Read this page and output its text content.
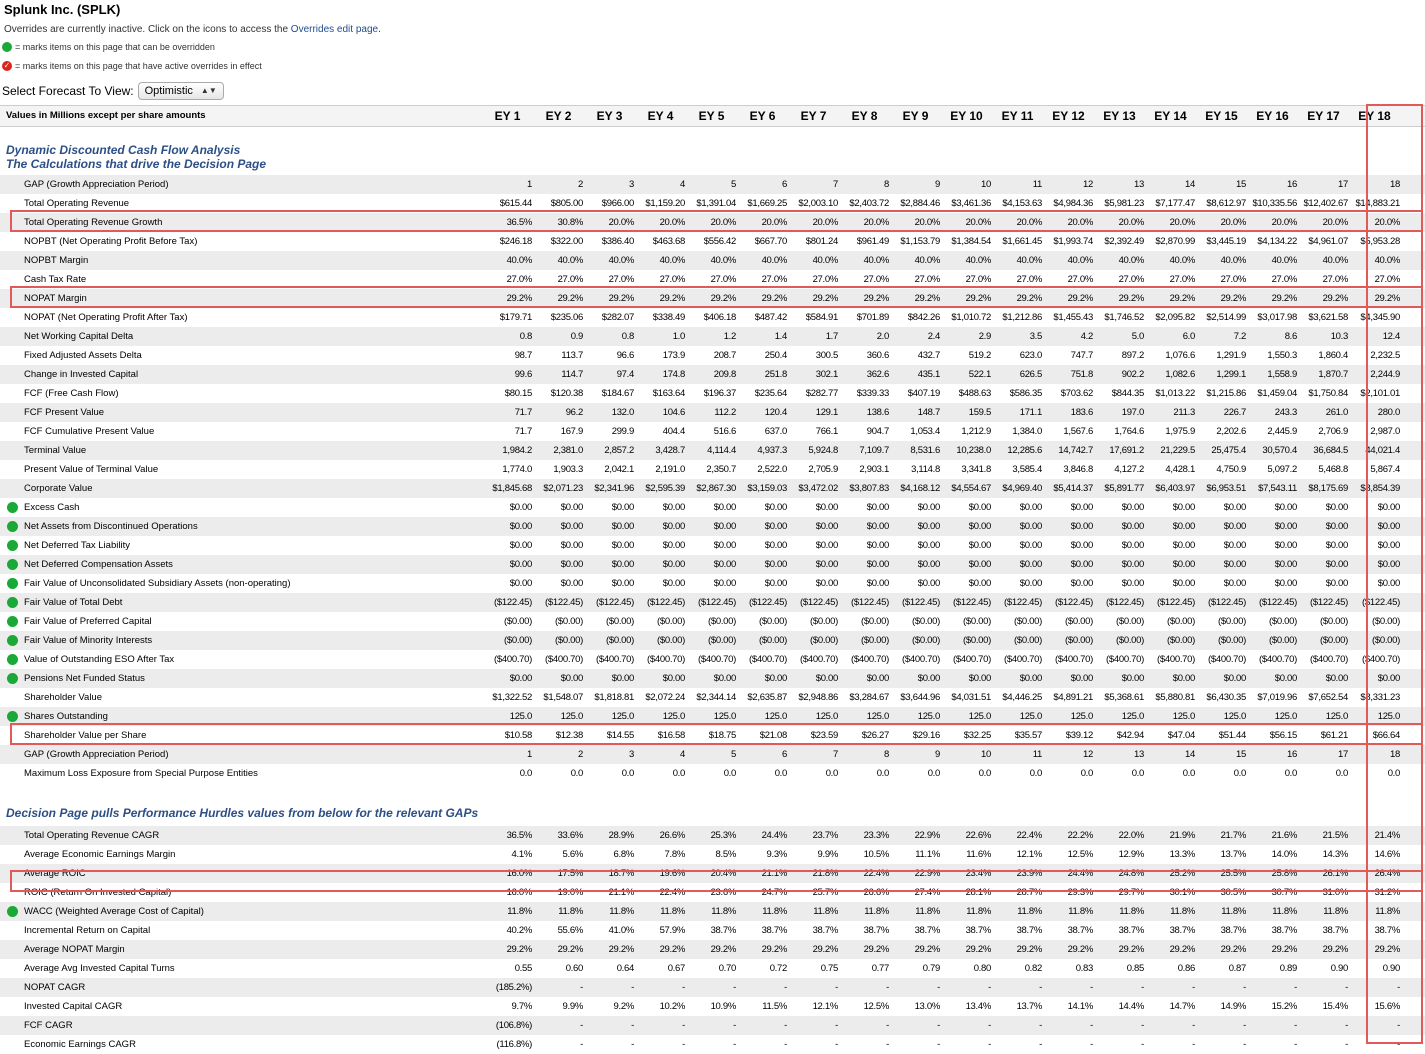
Splunk Inc. (SPLK)
Overrides are currently inactive. Click on the icons to access the Overrides edit page.
= marks items on this page that can be overridden
✓ = marks items on this page that have active overrides in effect
Select Forecast To View: Optimistic ▲▼
Values in Millions except per share amounts	EY 1	EY 2	EY 3	EY 4	EY 5	EY 6	EY 7	EY 8	EY 9	EY 10	EY 11	EY 12	EY 13	EY 14	EY 15	EY 16	EY 17	EY 18
Dynamic Discounted Cash Flow Analysis
The Calculations that drive the Decision Page
GAP (Growth Appreciation Period)	1	2	3	4	5	6	7	8	9	10	11	12	13	14	15	16	17	18
Total Operating Revenue	$615.44	$805.00	$966.00	$1,159.20	$1,391.04	$1,669.25	$2,003.10	$2,403.72	$2,884.46	$3,461.36	$4,153.63	$4,984.36	$5,981.23	$7,177.47	$8,612.97 $10,335.56 $12,402.67 $14,883.21
Total Operating Revenue Growth	36.5%	30.8%	20.0%	20.0%	20.0%	20.0%	20.0%	20.0%	20.0%	20.0%	20.0%	20.0%	20.0%	20.0%	20.0%	20.0%	20.0%	20.0%
NOPBT (Net Operating Profit Before Tax)	$246.18	$322.00	$386.40	$463.68	$556.42	$667.70	$801.24	$961.49	$1,153.79	$1,384.54	$1,661.45	$1,993.74	$2,392.49	$2,870.99	$3,445.19	$4,134.22	$4,961.07	$5,953.28
NOPBT Margin	40.0%	40.0%	40.0%	40.0%	40.0%	40.0%	40.0%	40.0%	40.0%	40.0%	40.0%	40.0%	40.0%	40.0%	40.0%	40.0%	40.0%	40.0%
Cash Tax Rate	27.0%	27.0%	27.0%	27.0%	27.0%	27.0%	27.0%	27.0%	27.0%	27.0%	27.0%	27.0%	27.0%	27.0%	27.0%	27.0%	27.0%	27.0%
NOPAT Margin	29.2%	29.2%	29.2%	29.2%	29.2%	29.2%	29.2%	29.2%	29.2%	29.2%	29.2%	29.2%	29.2%	29.2%	29.2%	29.2%	29.2%	29.2%
NOPAT (Net Operating Profit After Tax)	$179.71	$235.06	$282.07	$338.49	$406.18	$487.42	$584.91	$701.89	$842.26	$1,010.72	$1,212.86	$1,455.43	$1,746.52	$2,095.82	$2,514.99	$3,017.98	$3,621.58	$4,345.90
Net Working Capital Delta	0.8	0.9	0.8	1.0	1.2	1.4	1.7	2.0	2.4	2.9	3.5	4.2	5.0	6.0	7.2	8.6	10.3	12.4
Fixed Adjusted Assets Delta	98.7	113.7	96.6	173.9	208.7	250.4	300.5	360.6	432.7	519.2	623.0	747.7	897.2	1,076.6	1,291.9	1,550.3	1,860.4	2,232.5
Change in Invested Capital	99.6	114.7	97.4	174.8	209.8	251.8	302.1	362.6	435.1	522.1	626.5	751.8	902.2	1,082.6	1,299.1	1,558.9	1,870.7	2,244.9
FCF (Free Cash Flow)	$80.15	$120.38	$184.67	$163.64	$196.37	$235.64	$282.77	$339.33	$407.19	$488.63	$586.35	$703.62	$844.35	$1,013.22	$1,215.86	$1,459.04	$1,750.84	$2,101.01
FCF Present Value	71.7	96.2	132.0	104.6	112.2	120.4	129.1	138.6	148.7	159.5	171.1	183.6	197.0	211.3	226.7	243.3	261.0	280.0
FCF Cumulative Present Value	71.7	167.9	299.9	404.4	516.6	637.0	766.1	904.7	1,053.4	1,212.9	1,384.0	1,567.6	1,764.6	1,975.9	2,202.6	2,445.9	2,706.9	2,987.0
Terminal Value	1,984.2	2,381.0	2,857.2	3,428.7	4,114.4	4,937.3	5,924.8	7,109.7	8,531.6	10,238.0	12,285.6	14,742.7	17,691.2	21,229.5	25,475.4	30,570.4	36,684.5	44,021.4
Present Value of Terminal Value	1,774.0	1,903.3	2,042.1	2,191.0	2,350.7	2,522.0	2,705.9	2,903.1	3,114.8	3,341.8	3,585.4	3,846.8	4,127.2	4,428.1	4,750.9	5,097.2	5,468.8	5,867.4
Corporate Value	$1,845.68	$2,071.23	$2,341.96	$2,595.39	$2,867.30	$3,159.03	$3,472.02	$3,807.83	$4,168.12	$4,554.67	$4,969.40	$5,414.37	$5,891.77	$6,403.97	$6,953.51	$7,543.11	$8,175.69	$8,854.39
Excess Cash	$0.00	$0.00	$0.00	$0.00	$0.00	$0.00	$0.00	$0.00	$0.00	$0.00	$0.00	$0.00	$0.00	$0.00	$0.00	$0.00	$0.00	$0.00
Net Assets from Discontinued Operations	$0.00	$0.00	$0.00	$0.00	$0.00	$0.00	$0.00	$0.00	$0.00	$0.00	$0.00	$0.00	$0.00	$0.00	$0.00	$0.00	$0.00	$0.00
Net Deferred Tax Liability	$0.00	$0.00	$0.00	$0.00	$0.00	$0.00	$0.00	$0.00	$0.00	$0.00	$0.00	$0.00	$0.00	$0.00	$0.00	$0.00	$0.00	$0.00
Net Deferred Compensation Assets	$0.00	$0.00	$0.00	$0.00	$0.00	$0.00	$0.00	$0.00	$0.00	$0.00	$0.00	$0.00	$0.00	$0.00	$0.00	$0.00	$0.00	$0.00
Fair Value of Unconsolidated Subsidiary Assets (non-operating)	$0.00	$0.00	$0.00	$0.00	$0.00	$0.00	$0.00	$0.00	$0.00	$0.00	$0.00	$0.00	$0.00	$0.00	$0.00	$0.00	$0.00	$0.00
Fair Value of Total Debt	($122.45)	($122.45)	($122.45)	($122.45)	($122.45)	($122.45)	($122.45)	($122.45)	($122.45)	($122.45)	($122.45)	($122.45)	($122.45)	($122.45)	($122.45)	($122.45)	($122.45)	($122.45)
Fair Value of Preferred Capital	($0.00)	($0.00)	($0.00)	($0.00)	($0.00)	($0.00)	($0.00)	($0.00)	($0.00)	($0.00)	($0.00)	($0.00)	($0.00)	($0.00)	($0.00)	($0.00)	($0.00)	($0.00)
Fair Value of Minority Interests	($0.00)	($0.00)	($0.00)	($0.00)	($0.00)	($0.00)	($0.00)	($0.00)	($0.00)	($0.00)	($0.00)	($0.00)	($0.00)	($0.00)	($0.00)	($0.00)	($0.00)	($0.00)
Value of Outstanding ESO After Tax	($400.70)	($400.70)	($400.70)	($400.70)	($400.70)	($400.70)	($400.70)	($400.70)	($400.70)	($400.70)	($400.70)	($400.70)	($400.70)	($400.70)	($400.70)	($400.70)	($400.70)	($400.70)
Pensions Net Funded Status	$0.00	$0.00	$0.00	$0.00	$0.00	$0.00	$0.00	$0.00	$0.00	$0.00	$0.00	$0.00	$0.00	$0.00	$0.00	$0.00	$0.00	$0.00
Shareholder Value	$1,322.52	$1,548.07	$1,818.81	$2,072.24	$2,344.14	$2,635.87	$2,948.86	$3,284.67	$3,644.96	$4,031.51	$4,446.25	$4,891.21	$5,368.61	$5,880.81	$6,430.35	$7,019.96	$7,652.54	$8,331.23
Shares Outstanding	125.0	125.0	125.0	125.0	125.0	125.0	125.0	125.0	125.0	125.0	125.0	125.0	125.0	125.0	125.0	125.0	125.0	125.0
Shareholder Value per Share	$10.58	$12.38	$14.55	$16.58	$18.75	$21.08	$23.59	$26.27	$29.16	$32.25	$35.57	$39.12	$42.94	$47.04	$51.44	$56.15	$61.21	$66.64
GAP (Growth Appreciation Period)	1	2	3	4	5	6	7	8	9	10	11	12	13	14	15	16	17	18
Maximum Loss Exposure from Special Purpose Entities	0.0	0.0	0.0	0.0	0.0	0.0	0.0	0.0	0.0	0.0	0.0	0.0	0.0	0.0	0.0	0.0	0.0	0.0
Decision Page pulls Performance Hurdles values from below for the relevant GAPs
Total Operating Revenue CAGR	36.5%	33.6%	28.9%	26.6%	25.3%	24.4%	23.7%	23.3%	22.9%	22.6%	22.4%	22.2%	22.0%	21.9%	21.7%	21.6%	21.5%	21.4%
Average Economic Earnings Margin	4.1%	5.6%	6.8%	7.8%	8.5%	9.3%	9.9%	10.5%	11.1%	11.6%	12.1%	12.5%	12.9%	13.3%	13.7%	14.0%	14.3%	14.6%
Average ROIC	16.0%	17.5%	18.7%	19.6%	20.4%	21.1%	21.8%	22.4%	22.9%	23.4%	23.9%	24.4%	24.8%	25.2%	25.5%	25.8%	26.1%	26.4%
ROIC (Return On Invested Capital)	16.0%	19.0%	21.1%	22.4%	23.6%	24.7%	25.7%	26.6%	27.4%	28.1%	28.7%	29.3%	29.7%	30.1%	30.5%	30.7%	31.0%	31.2%
WACC (Weighted Average Cost of Capital)	11.8%	11.8%	11.8%	11.8%	11.8%	11.8%	11.8%	11.8%	11.8%	11.8%	11.8%	11.8%	11.8%	11.8%	11.8%	11.8%	11.8%	11.8%
Incremental Return on Capital	40.2%	55.6%	41.0%	57.9%	38.7%	38.7%	38.7%	38.7%	38.7%	38.7%	38.7%	38.7%	38.7%	38.7%	38.7%	38.7%	38.7%	38.7%
Average NOPAT Margin	29.2%	29.2%	29.2%	29.2%	29.2%	29.2%	29.2%	29.2%	29.2%	29.2%	29.2%	29.2%	29.2%	29.2%	29.2%	29.2%	29.2%	29.2%
Average Avg Invested Capital Turns	0.55	0.60	0.64	0.67	0.70	0.72	0.75	0.77	0.79	0.80	0.82	0.83	0.85	0.86	0.87	0.89	0.90	0.90
NOPAT CAGR	(185.2%)	-	-	-	-	-	-	-	-	-	-	-	-	-	-	-	-	-
Invested Capital CAGR	9.7%	9.9%	9.2%	10.2%	10.9%	11.5%	12.1%	12.5%	13.0%	13.4%	13.7%	14.1%	14.4%	14.7%	14.9%	15.2%	15.4%	15.6%
FCF CAGR	(106.8%)	-	-	-	-	-	-	-	-	-	-	-	-	-	-	-	-	-
Economic Earnings CAGR	(116.8%)	-	-	-	-	-	-	-	-	-	-	-	-	-	-	-	-	-
